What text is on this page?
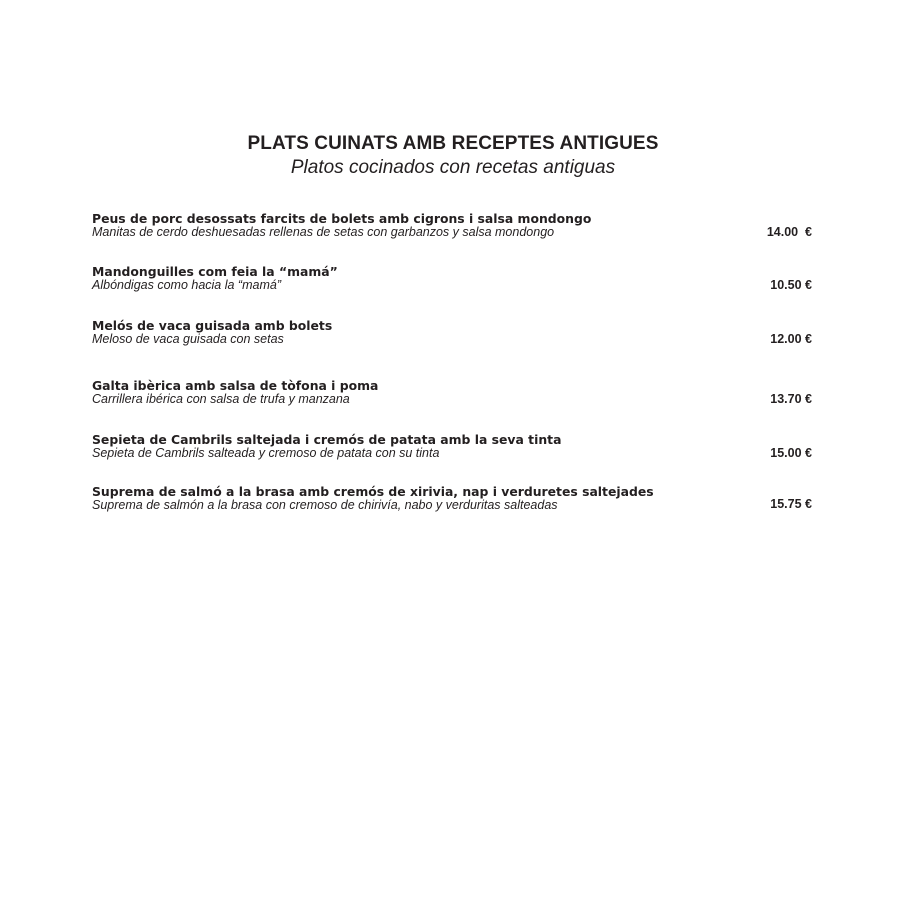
PLATS CUINATS AMB RECEPTES ANTIGUES
Platos cocinados con recetas antiguas
Peus de porc desossats farcits de bolets amb cigrons i salsa mondongo
Manitas de cerdo deshuesadas rellenas de setas con garbanzos y salsa mondongo	14.00  €
Mandonguilles com feia la “mamá”
Albóndigas como hacia la “mamá”	10.50 €
Melós de vaca guisada amb bolets
Meloso de vaca guisada con setas	12.00 €
Galta ibèrica amb salsa de tòfona i poma
Carrillera ibérica con salsa de trufa y manzana	13.70 €
Sepieta de Cambrils saltejada i cremós de patata amb la seva tinta
Sepieta de Cambrils salteada y cremoso de patata con su tinta	15.00 €
Suprema de salmó a la brasa amb cremós de xirivia, nap i verduretes saltejades
Suprema de salmón a la brasa con cremoso de chirivía, nabo y verduritas salteadas	15.75 €
